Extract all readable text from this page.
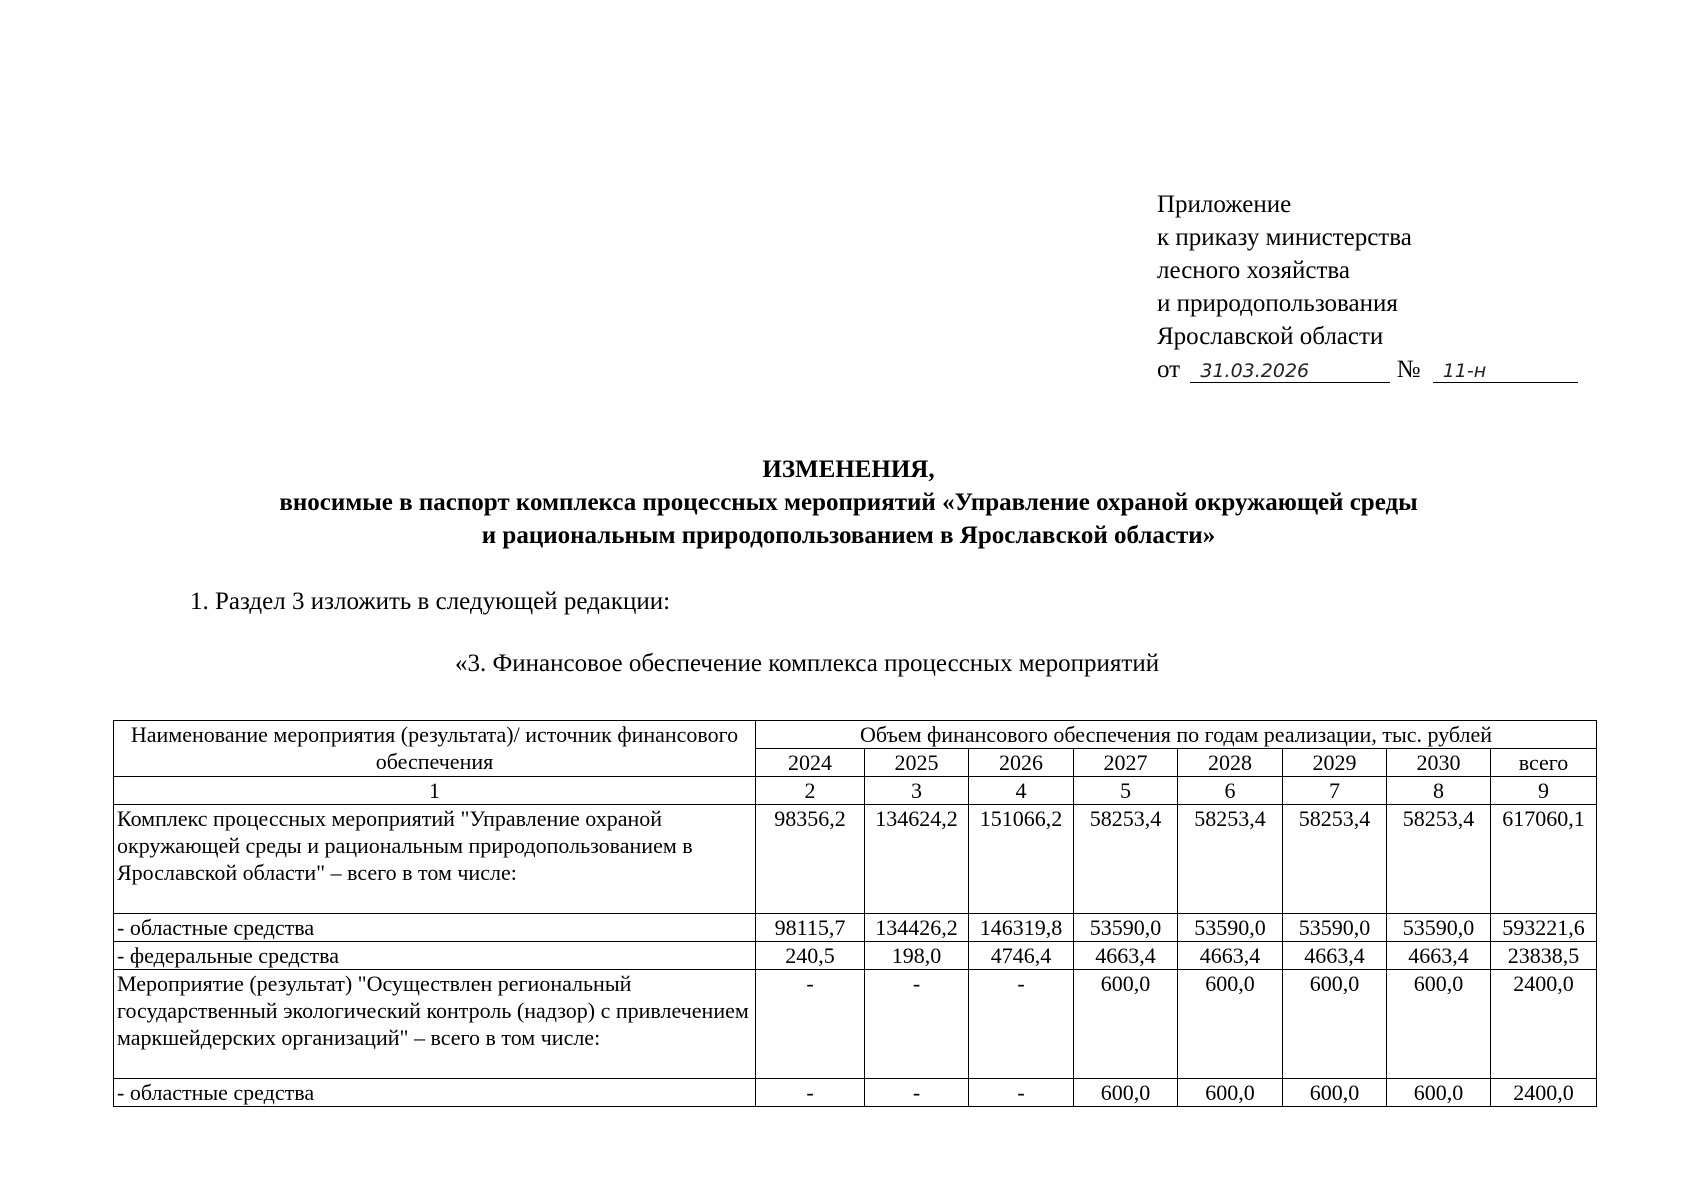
Приложение
к приказу министерства
лесного хозяйства
и природопользования
Ярославской области
от 31.03.2026	№ 11-н
ИЗМЕНЕНИЯ,
вносимые в паспорт комплекса процессных мероприятий «Управление охраной окружающей среды
и рациональным природопользованием в Ярославской области»
1. Раздел 3 изложить в следующей редакции:
«3. Финансовое обеспечение комплекса процессных мероприятий
Наименование мероприятия (результата)/ источник финансового обеспечения	Объем финансового обеспечения по годам реализации, тыс. рублей							
	2024	2025	2026	2027	2028	2029	2030	всего
1	2	3	4	5	6	7	8	9
Комплекс процессных мероприятий "Управление охраной окружающей среды и рациональным природопользованием в Ярославской области" – всего в том числе:	98356,2	134624,2	151066,2	58253,4	58253,4	58253,4	58253,4	617060,1
- областные средства	98115,7	134426,2	146319,8	53590,0	53590,0	53590,0	53590,0	593221,6
- федеральные средства	240,5	198,0	4746,4	4663,4	4663,4	4663,4	4663,4	23838,5
Мероприятие (результат) "Осуществлен региональный государственный экологический контроль (надзор) с привлечением маркшейдерских организаций" – всего в том числе:	-	-	-	600,0	600,0	600,0	600,0	2400,0
- областные средства	-	-	-	600,0	600,0	600,0	600,0	2400,0
